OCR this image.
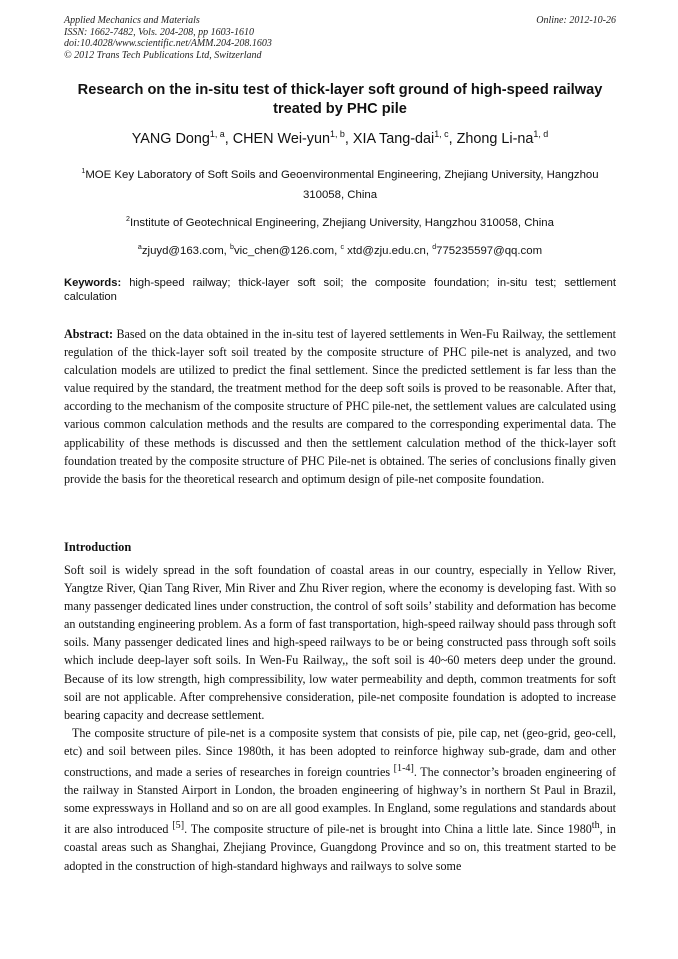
Applied Mechanics and Materials
ISSN: 1662-7482, Vols. 204-208, pp 1603-1610
doi:10.4028/www.scientific.net/AMM.204-208.1603
© 2012 Trans Tech Publications Ltd, Switzerland
Online: 2012-10-26
Research on the in-situ test of thick-layer soft ground of high-speed railway treated by PHC pile
YANG Dong$^{1, a}$, CHEN Wei-yun$^{1, b}$, XIA Tang-dai$^{1, c}$, Zhong Li-na$^{1, d}$
$^1$MOE Key Laboratory of Soft Soils and Geoenvironmental Engineering, Zhejiang University, Hangzhou 310058, China
$^2$Institute of Geotechnical Engineering, Zhejiang University, Hangzhou 310058, China
$^a$zjuyd@163.com, $^b$vic_chen@126.com, $^c$ xtd@zju.edu.cn, $^d$775235597@qq.com
Keywords: high-speed railway; thick-layer soft soil; the composite foundation; in-situ test; settlement calculation
Abstract: Based on the data obtained in the in-situ test of layered settlements in Wen-Fu Railway, the settlement regulation of the thick-layer soft soil treated by the composite structure of PHC pile-net is analyzed, and two calculation models are utilized to predict the final settlement. Since the predicted settlement is far less than the value required by the standard, the treatment method for the deep soft soils is proved to be reasonable. After that, according to the mechanism of the composite structure of PHC pile-net, the settlement values are calculated using various common calculation methods and the results are compared to the corresponding experimental data. The applicability of these methods is discussed and then the settlement calculation method of the thick-layer soft foundation treated by the composite structure of PHC Pile-net is obtained. The series of conclusions finally given provide the basis for the theoretical research and optimum design of pile-net composite foundation.
Introduction

Soft soil is widely spread in the soft foundation of coastal areas in our country, especially in Yellow River, Yangtze River, Qian Tang River, Min River and Zhu River region, where the economy is developing fast. With so many passenger dedicated lines under construction, the control of soft soils’ stability and deformation has become an outstanding engineering problem. As a form of fast transportation, high-speed railway should pass through soft soils. Many passenger dedicated lines and high-speed railways to be or being constructed pass through soft soils which include deep-layer soft soils. In Wen-Fu Railway,, the soft soil is 40~60 meters deep under the ground. Because of its low strength, high compressibility, low water permeability and depth, common treatments for soft soil are not applicable. After comprehensive consideration, pile-net composite foundation is adopted to increase bearing capacity and decrease settlement.

The composite structure of pile-net is a composite system that consists of pie, pile cap, net (geo-grid, geo-cell, etc) and soil between piles. Since 1980th, it has been adopted to reinforce highway sub-grade, dam and other constructions, and made a series of researches in foreign countries [1-4]. The connector’s broaden engineering of the railway in Stansted Airport in London, the broaden engineering of highway’s in northern St Paul in Brazil, some expressways in Holland and so on are all good examples. In England, some regulations and standards about it are also introduced [5]. The composite structure of pile-net is brought into China a little late. Since 1980th, in coastal areas such as Shanghai, Zhejiang Province, Guangdong Province and so on, this treatment started to be adopted in the construction of high-standard highways and railways to solve some
